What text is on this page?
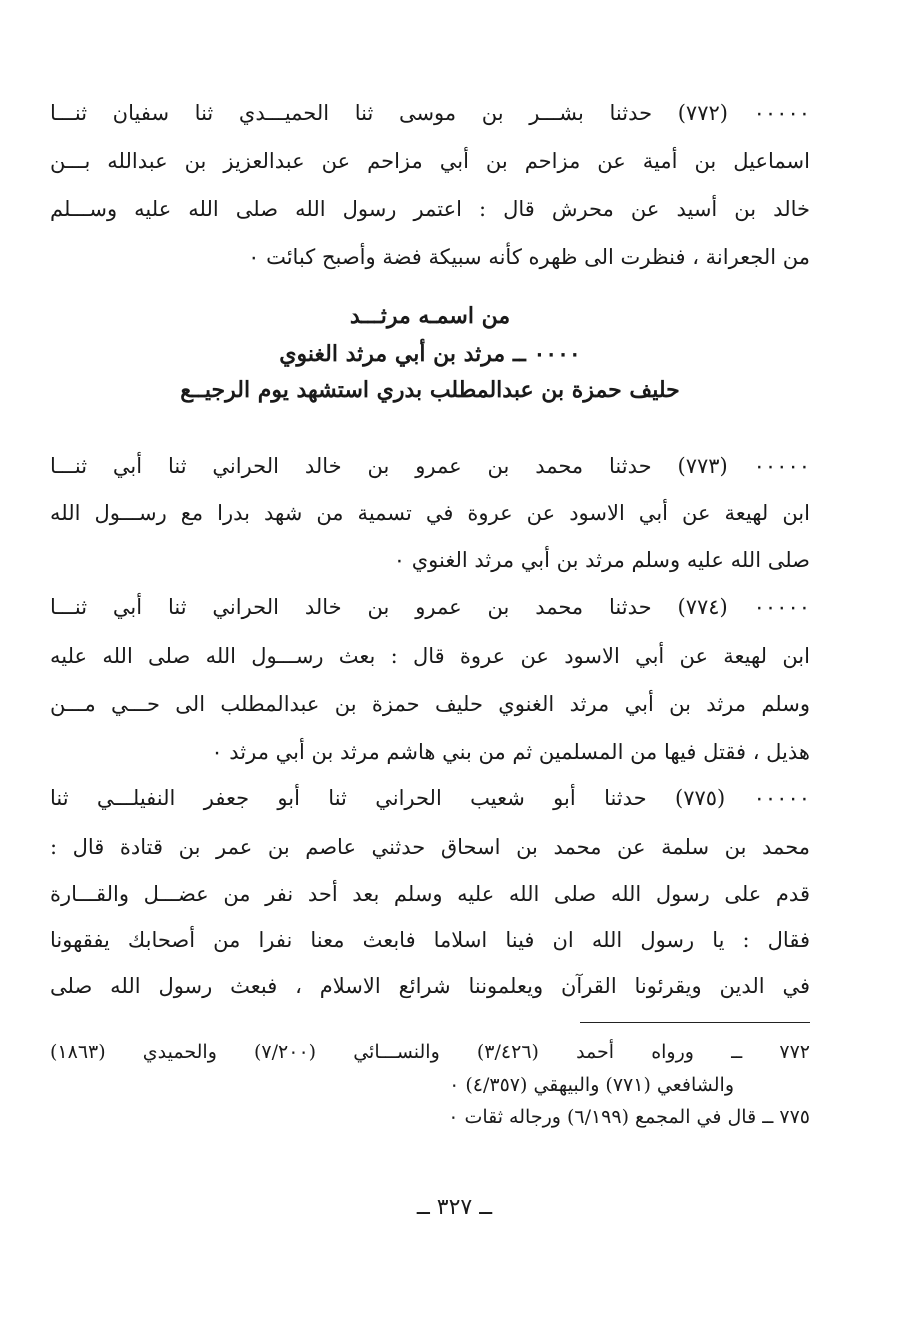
٠٠٠٠٠ (٧٧٢) حدثنا بشـــر بن موسى ثنا الحميـــدي ثنا سفيان ثنـــا
اسماعيل بن أمية عن مزاحم بن أبي مزاحم عن عبدالعزيز بن عبدالله بـــن
خالد بن أسيد عن محرش قال : اعتمر رسول الله صلى الله عليه وســـلم
من الجعرانة ، فنظرت الى ظهره كأنه سبيكة فضة وأصبح كبائت ٠
من اسمـه مرثـــد
٠٠٠٠ ــ مرثد بن أبي مرثد الغنوي
حليف حمزة بن عبدالمطلب بدري استشهد يوم الرجيــع
٠٠٠٠٠ (٧٧٣) حدثنا محمد بن عمرو بن خالد الحراني ثنا أبي ثنـــا
ابن لهيعة عن أبي الاسود عن عروة في تسمية من شهد بدرا مع رســـول الله
صلى الله عليه وسلم مرثد بن أبي مرثد الغنوي ٠
٠٠٠٠٠ (٧٧٤) حدثنا محمد بن عمرو بن خالد الحراني ثنا أبي ثنـــا
ابن لهيعة عن أبي الاسود عن عروة قال : بعث رســـول الله صلى الله عليه
وسلم مرثد بن أبي مرثد الغنوي حليف حمزة بن عبدالمطلب الى حـــي مـــن
هذيل ، فقتل فيها من المسلمين ثم من بني هاشم مرثد بن أبي مرثد ٠
٠٠٠٠٠ (٧٧٥) حدثنا أبو شعيب الحراني ثنا أبو جعفر النفيلـــي ثنا
محمد بن سلمة عن محمد بن اسحاق حدثني عاصم بن عمر بن قتادة قال :
قدم على رسول الله صلى الله عليه وسلم بعد أحد نفر من عضـــل والقـــارة
فقال : يا رسول الله ان فينا اسلاما فابعث معنا نفرا من أصحابك يفقهونا
في الدين ويقرئونا القرآن ويعلموننا شرائع الاسلام ، فبعث رسول الله صلى
٧٧٢ ــ ورواه أحمد (٣/٤٢٦) والنســـائي (٧/٢٠٠) والحميدي (١٨٦٣)
والشافعي (٧٧١) والبيهقي (٤/٣٥٧) ٠
٧٧٥ ــ قال في المجمع (٦/١٩٩) ورجاله ثقات ٠
ــ ٣٢٧ ــ
